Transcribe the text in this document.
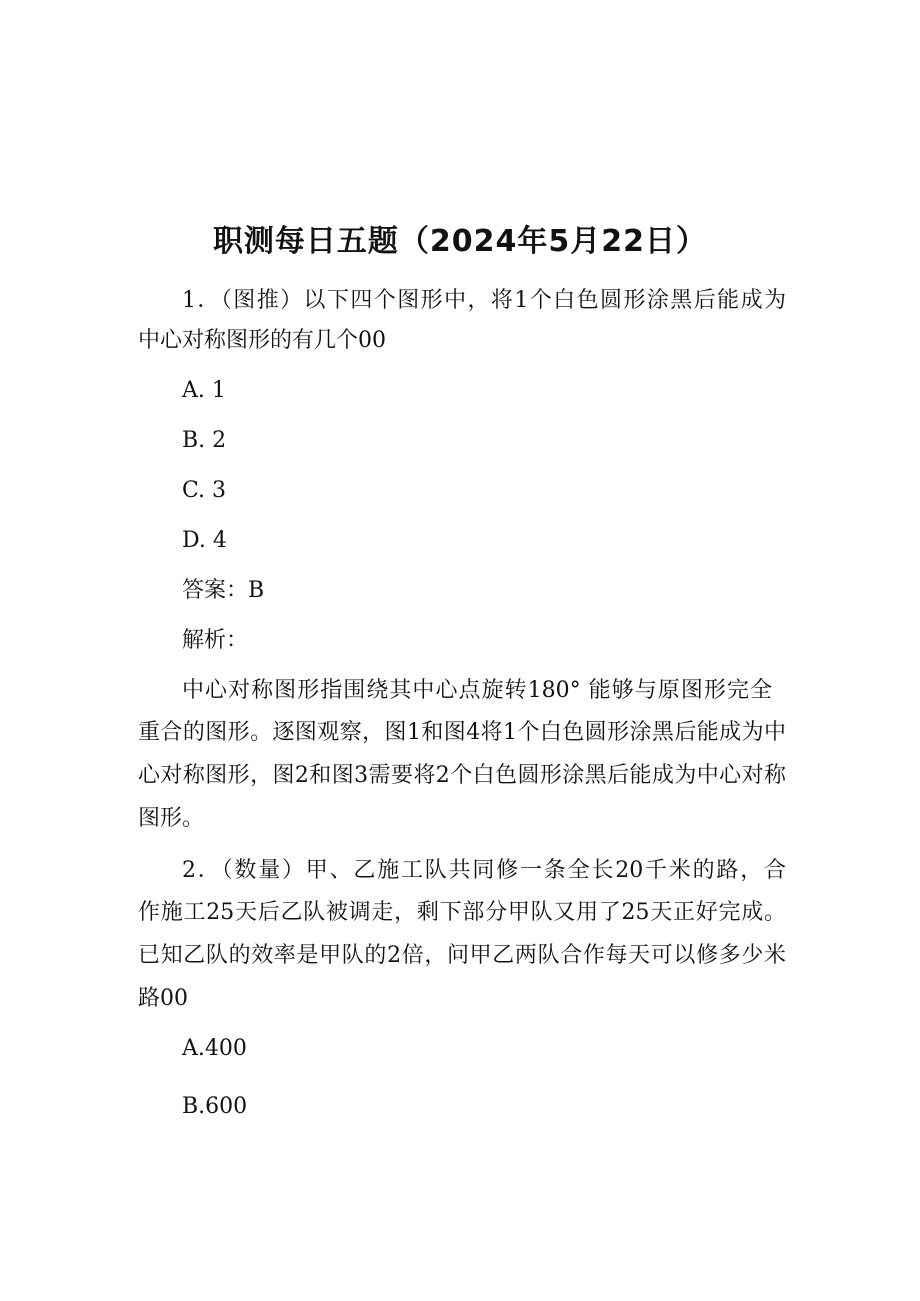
职测每日五题（2024年5月22日）
1．（图推）以下四个图形中，将1个白色圆形涂黑后能成为
中心对称图形的有几个00
A. 1
B. 2
C. 3
D. 4
答案：B
解析：
中心对称图形指围绕其中心点旋转180° 能够与原图形完全
重合的图形。逐图观察，图1和图4将1个白色圆形涂黑后能成为中
心对称图形，图2和图3需要将2个白色圆形涂黑后能成为中心对称
图形。
2．（数量）甲、乙施工队共同修一条全长20千米的路，合
作施工25天后乙队被调走，剩下部分甲队又用了25天正好完成。
已知乙队的效率是甲队的2倍，问甲乙两队合作每天可以修多少米
路00
A.400
B.600
